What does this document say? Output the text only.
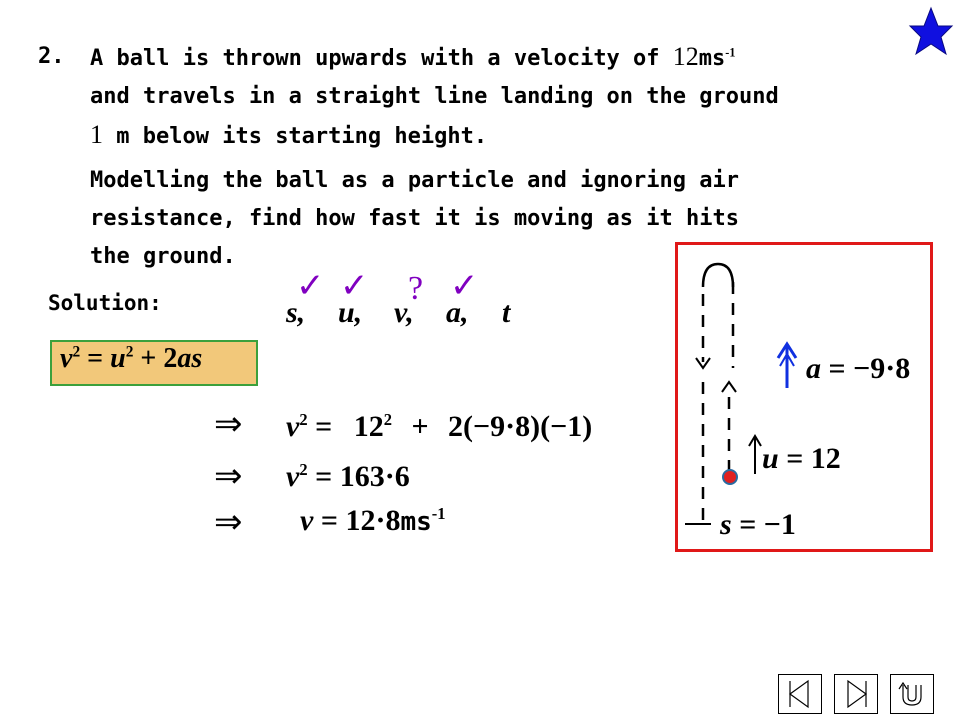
2. A ball is thrown upwards with a velocity of $12ms^{-1}$
and travels in a straight line landing on the ground
1 m below its starting height.
Modelling the ball as a particle and ignoring air
resistance, find how fast it is moving as it hits
the ground.
Solution:	✓ ✓ ? ✓
s, u, v, a, t
$v^2 = u^2 + 2as$
⇒ $v^2 = 12^2 + 2(-9\cdot 8)(-1)$
⇒ $v^2 = 163\cdot 6$
⇒ $v = 12\cdot 8ms^{-1}$
a = −9·8
u = 12
s = −1
